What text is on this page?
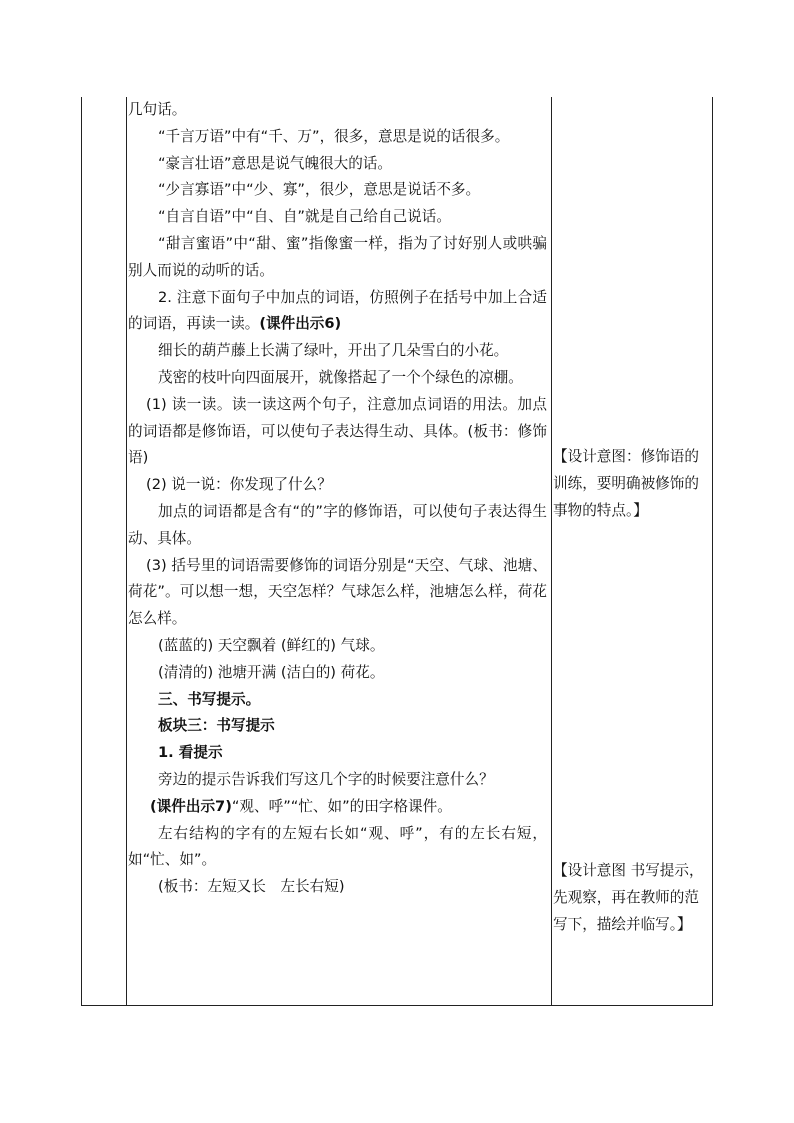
几句话。

“千言万语”中有“千、万”，很多，意思是说的话很多。

“豪言壮语”意思是说气魄很大的话。

“少言寡语”中“少、寡”，很少，意思是说话不多。

“自言自语”中“自、自”就是自己给自己说话。

“甜言蜜语”中“甜、蜜”指像蜜一样，指为了讨好别人或哄骗别人而说的动听的话。

2. 注意下面句子中加点的词语，仿照例子在括号中加上合适的词语，再读一读。(课件出示6)

细长的葫芦藤上长满了绿叶，开出了几朵雪白的小花。

茂密的枝叶向四面展开，就像搭起了一个个绿色的凉棚。

(1) 读一读。读一读这两个句子，注意加点词语的用法。加点的词语都是修饰语，可以使句子表达得生动、具体。(板书：修饰语)

(2) 说一说：你发现了什么？

加点的词语都是含有“的”字的修饰语，可以使句子表达得生动、具体。

(3) 括号里的词语需要修饰的词语分别是“天空、气球、池塘、荷花”。可以想一想，天空怎样？气球怎么样，池塘怎么样，荷花怎么样。

(蓝蓝的) 天空飘着 (鲜红的) 气球。

(清清的) 池塘开满 (洁白的) 荷花。

三、书写提示。

板块三：书写提示

1. 看提示

旁边的提示告诉我们写这几个字的时候要注意什么？

(课件出示7)“观、呼”“忙、如”的田字格课件。

左右结构的字有的左短右长如“观、呼”，有的左长右短，如“忙、如”。

(板书：左短又长　左长右短)

【设计意图：修饰语的训练，要明确被修饰的事物的特点。】

【设计意图 书写提示，先观察，再在教师的范写下，描绘并临写。】
